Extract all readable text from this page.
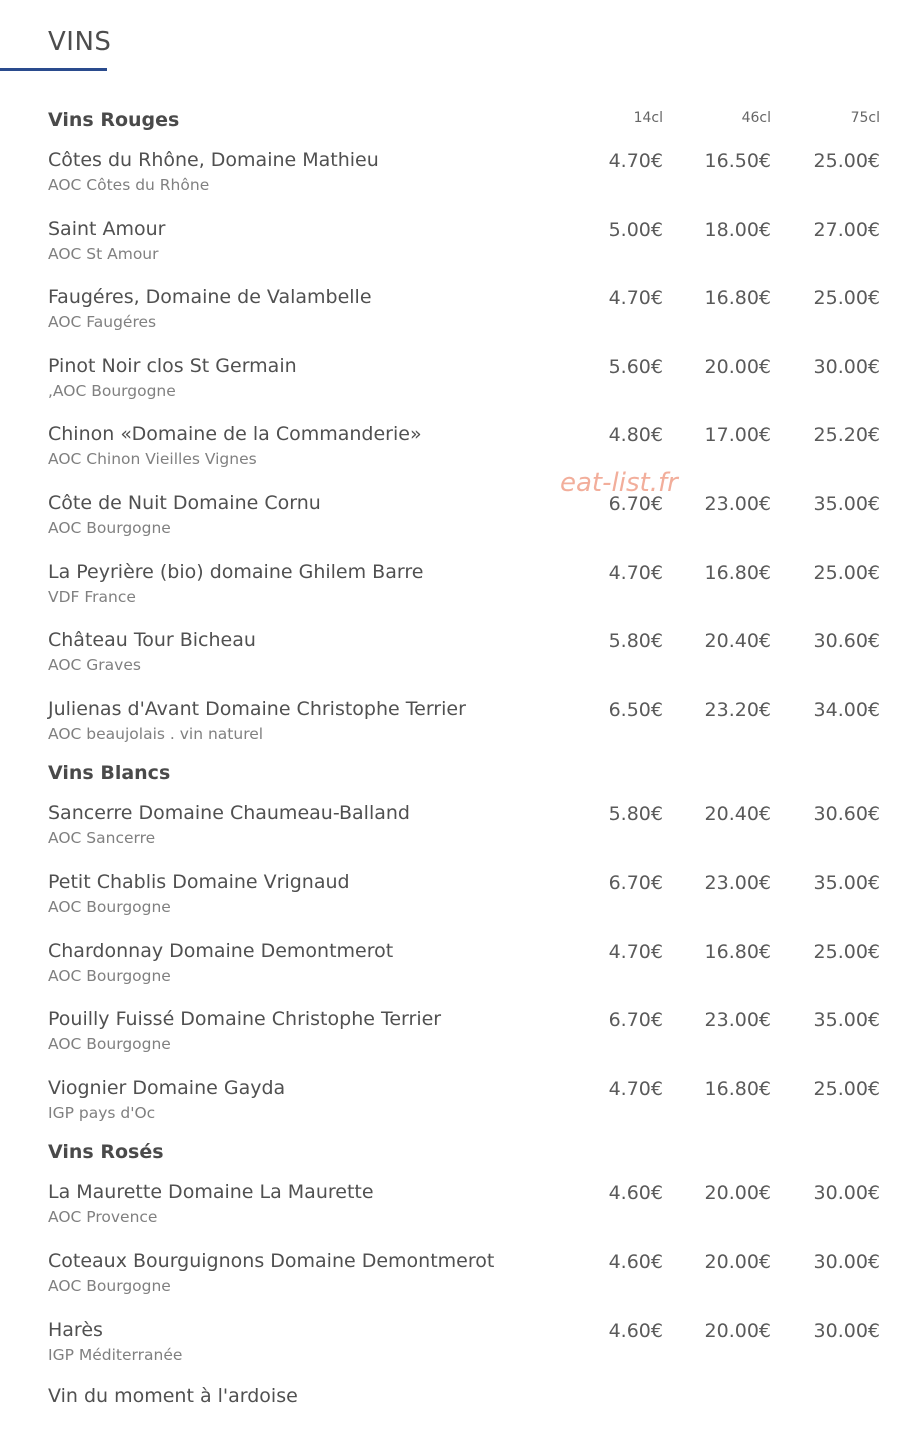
VINS
Vins Rouges	14cl	46cl	75cl
Côtes du Rhône, Domaine Mathieu
AOC Côtes du Rhône
4.70€ 16.50€ 25.00€
Saint Amour
AOC St Amour
5.00€ 18.00€ 27.00€
Faugéres, Domaine de Valambelle
AOC Faugéres
4.70€ 16.80€ 25.00€
Pinot Noir clos St Germain
,AOC Bourgogne
5.60€ 20.00€ 30.00€
Chinon «Domaine de la Commanderie»
AOC Chinon Vieilles Vignes
4.80€ 17.00€ 25.20€
Côte de Nuit Domaine Cornu
AOC Bourgogne
6.70€ 23.00€ 35.00€
La Peyrière (bio) domaine Ghilem Barre
VDF France
4.70€ 16.80€ 25.00€
Château Tour Bicheau
AOC Graves
5.80€ 20.40€ 30.60€
Julienas d'Avant Domaine Christophe Terrier
AOC beaujolais . vin naturel
6.50€ 23.20€ 34.00€
Vins Blancs
Sancerre Domaine Chaumeau-Balland
AOC Sancerre
5.80€ 20.40€ 30.60€
Petit Chablis Domaine Vrignaud
AOC Bourgogne
6.70€ 23.00€ 35.00€
Chardonnay Domaine Demontmerot
AOC Bourgogne
4.70€ 16.80€ 25.00€
Pouilly Fuissé Domaine Christophe Terrier
AOC Bourgogne
6.70€ 23.00€ 35.00€
Viognier Domaine Gayda
IGP pays d'Oc
4.70€ 16.80€ 25.00€
Vins Rosés
La Maurette Domaine La Maurette
AOC Provence
4.60€ 20.00€ 30.00€
Coteaux Bourguignons Domaine Demontmerot
AOC Bourgogne
4.60€ 20.00€ 30.00€
Harès
IGP Méditerranée
4.60€ 20.00€ 30.00€
Vin du moment à l'ardoise
eat-list.fr
